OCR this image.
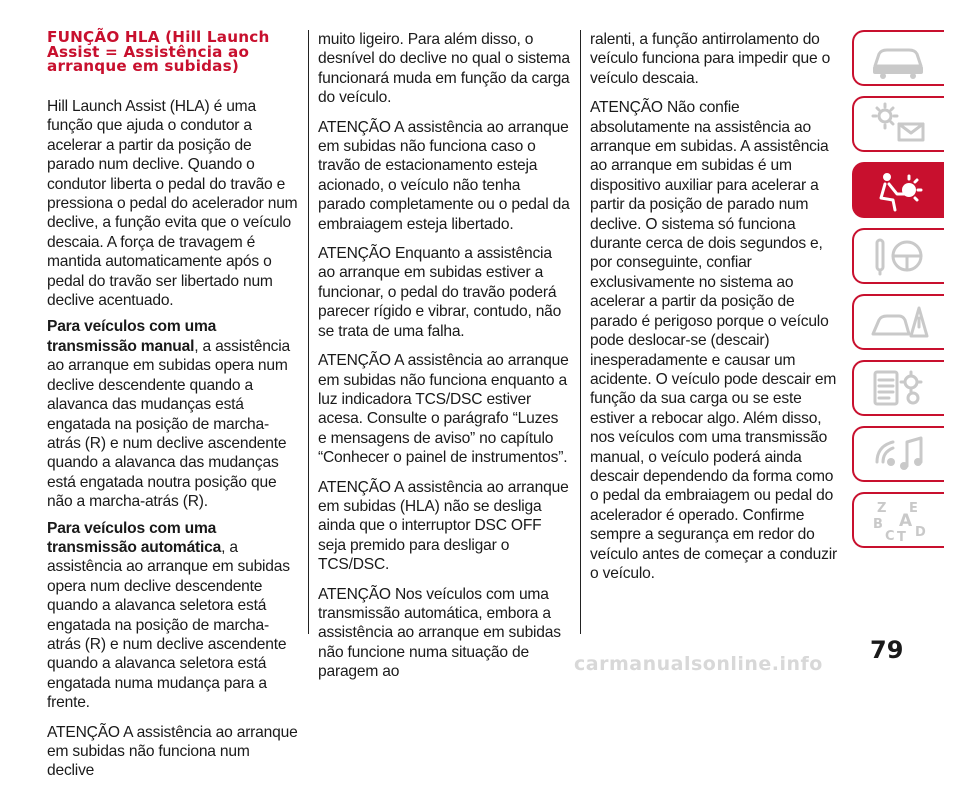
FUNÇÃO HLA (Hill Launch Assist = Assistência ao arranque em subidas)

Hill Launch Assist (HLA) é uma função que ajuda o condutor a acelerar a partir da posição de parado num declive. Quando o condutor liberta o pedal do travão e pressiona o pedal do acelerador num declive, a função evita que o veículo descaia. A força de travagem é mantida automaticamente após o pedal do travão ser libertado num declive acentuado.

Para veículos com uma transmissão manual, a assistência ao arranque em subidas opera num declive descendente quando a alavanca das mudanças está engatada na posição de marcha-atrás (R) e num declive ascendente quando a alavanca das mudanças está engatada noutra posição que não a marcha-atrás (R).

Para veículos com uma transmissão automática, a assistência ao arranque em subidas opera num declive descendente quando a alavanca seletora está engatada na posição de marcha-atrás (R) e num declive ascendente quando a alavanca seletora está engatada numa mudança para a frente.

ATENÇÃO A assistência ao arranque em subidas não funciona num declive

muito ligeiro. Para além disso, o desnível do declive no qual o sistema funcionará muda em função da carga do veículo.

ATENÇÃO A assistência ao arranque em subidas não funciona caso o travão de estacionamento esteja acionado, o veículo não tenha parado completamente ou o pedal da embraiagem esteja libertado.

ATENÇÃO Enquanto a assistência ao arranque em subidas estiver a funcionar, o pedal do travão poderá parecer rígido e vibrar, contudo, não se trata de uma falha.

ATENÇÃO A assistência ao arranque em subidas não funciona enquanto a luz indicadora TCS/DSC estiver acesa. Consulte o parágrafo “Luzes e mensagens de aviso” no capítulo “Conhecer o painel de instrumentos”.

ATENÇÃO A assistência ao arranque em subidas (HLA) não se desliga ainda que o interruptor DSC OFF seja premido para desligar o TCS/DSC.

ATENÇÃO Nos veículos com uma transmissão automática, embora a assistência ao arranque em subidas não funcione numa situação de paragem ao

ralenti, a função antirrolamento do veículo funciona para impedir que o veículo descaia.

ATENÇÃO Não confie absolutamente na assistência ao arranque em subidas. A assistência ao arranque em subidas é um dispositivo auxiliar para acelerar a partir da posição de parado num declive. O sistema só funciona durante cerca de dois segundos e, por conseguinte, confiar exclusivamente no sistema ao acelerar a partir da posição de parado é perigoso porque o veículo pode deslocar-se (descair) inesperadamente e causar um acidente. O veículo pode descair em função da sua carga ou se este estiver a rebocar algo. Além disso, nos veículos com uma transmissão manual, o veículo poderá ainda descair dependendo da forma como o pedal da embraiagem ou pedal do acelerador é operado. Confirme sempre a segurança em redor do veículo antes de começar a conduzir o veículo.

Z E
B A
C D
T
79
carmanualsonline.info
